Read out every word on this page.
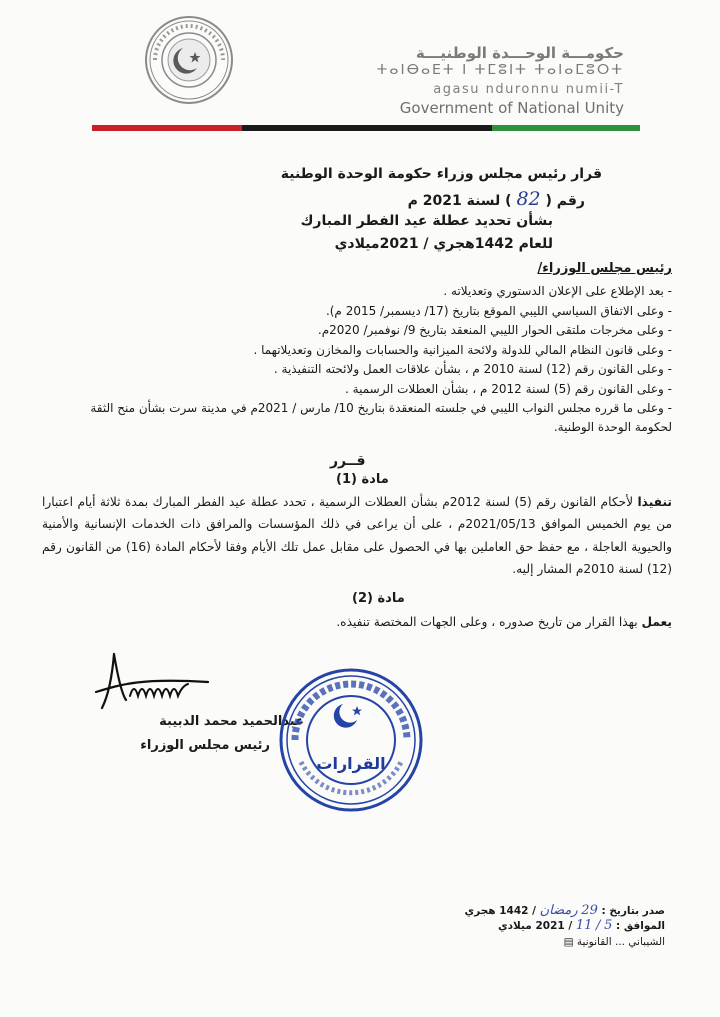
حكومـــة الوحـــدة الوطنيـــة
ⵜⴰⵏⴱⴰⴹⵜ ⵏ ⵜⵎⵓⵏⵜ ⵜⴰⵏⴰⵎⵓⵔⵜ
agasu nduronnu numii-T
Government of National Unity
قرار رئيس مجلس وزراء حكومة الوحدة الوطنية
رقم ( 82 ) لسنة 2021 م
بشأن تحديد عطلة عيد الفطر المبارك
للعام 1442هجري / 2021ميلادي
رئيس مجلس الوزراء/
- بعد الإطلاع على الإعلان الدستوري وتعديلاته .
- وعلى الاتفاق السياسي الليبي الموقع بتاريخ (17/ ديسمبر/ 2015 م).
- وعلى مخرجات ملتقى الحوار الليبي المنعقد بتاريخ 9/ نوفمبر/ 2020م.
- وعلى قانون النظام المالي للدولة ولائحة الميزانية والحسابات والمخازن وتعديلاتهما .
- وعلى القانون رقم (12) لسنة 2010 م ، بشأن علاقات العمل ولائحته التنفيذية .
- وعلى القانون رقم (5) لسنة 2012 م ، بشأن العطلات الرسمية .
- وعلى ما قرره مجلس النواب الليبي في جلسته المنعقدة بتاريخ 10/ مارس / 2021م في مدينة سرت بشأن منح الثقة لحكومة الوحدة الوطنية.
قــرر
مادة (1)

تنفيذا لأحكام القانون رقم (5) لسنة 2012م بشأن العطلات الرسمية ، تحدد عطلة عيد الفطر المبارك بمدة ثلاثة أيام اعتبارا من يوم الخميس الموافق 2021/05/13م ، على أن يراعى في ذلك المؤسسات والمرافق ذات الخدمات الإنسانية والأمنية والحيوية العاجلة ، مع حفظ حق العاملين بها في الحصول على مقابل عمل تلك الأيام وفقا لأحكام المادة (16) من القانون رقم (12) لسنة 2010م المشار إليه.

مادة (2)

يعمل بهذا القرار من تاريخ صدوره ، وعلى الجهات المختصة تنفيذه.

عبدالحميد محمد الدبيبة
رئيس مجلس الوزراء
القرارات
صدر بتاريخ : 29 رمضان / 1442 هجري
الموافق : 5 / 11 / 2021 ميلادي
الشيباني ... القانونية ▤
